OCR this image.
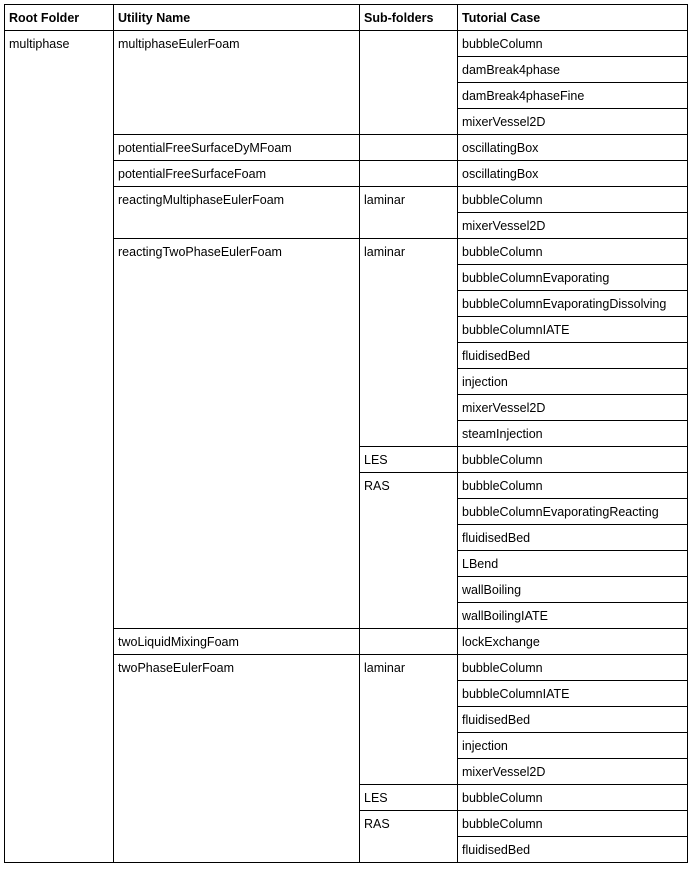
Root Folder	Utility Name	Sub-folders	Tutorial Case
multiphase	multiphaseEulerFoam		bubbleColumn
			damBreak4phase
			damBreak4phaseFine
			mixerVessel2D
	potentialFreeSurfaceDyMFoam		oscillatingBox
	potentialFreeSurfaceFoam		oscillatingBox
	reactingMultiphaseEulerFoam	laminar	bubbleColumn
			mixerVessel2D
	reactingTwoPhaseEulerFoam	laminar	bubbleColumn
			bubbleColumnEvaporating
			bubbleColumnEvaporatingDissolving
			bubbleColumnIATE
			fluidisedBed
			injection
			mixerVessel2D
			steamInjection
		LES	bubbleColumn
		RAS	bubbleColumn
			bubbleColumnEvaporatingReacting
			fluidisedBed
			LBend
			wallBoiling
			wallBoilingIATE
	twoLiquidMixingFoam		lockExchange
	twoPhaseEulerFoam	laminar	bubbleColumn
			bubbleColumnIATE
			fluidisedBed
			injection
			mixerVessel2D
		LES	bubbleColumn
		RAS	bubbleColumn
			fluidisedBed
